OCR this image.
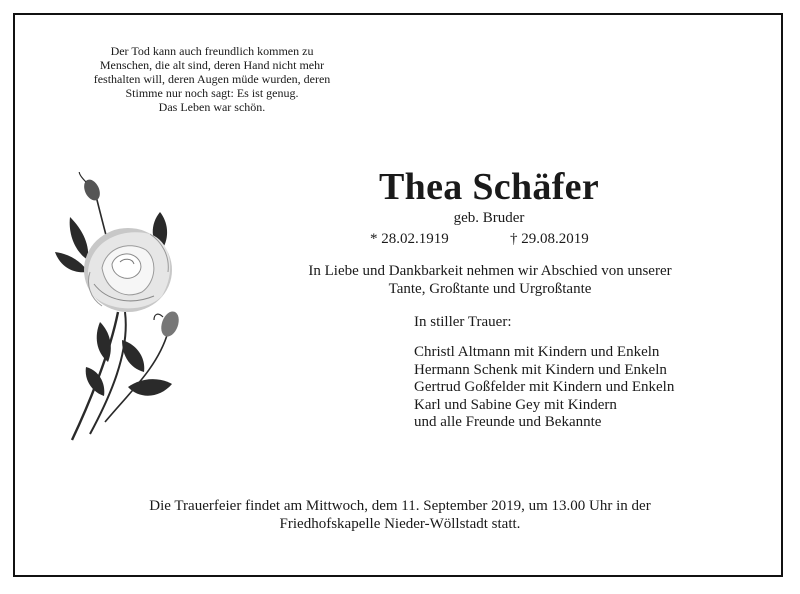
Der Tod kann auch freundlich kommen zu
Menschen, die alt sind, deren Hand nicht mehr
festhalten will, deren Augen müde wurden, deren
Stimme nur noch sagt: Es ist genug.
Das Leben war schön.
Thea Schäfer
geb. Bruder
* 28.02.1919	† 29.08.2019
In Liebe und Dankbarkeit nehmen wir Abschied von unserer
Tante, Großtante und Urgroßtante
In stiller Trauer:
Christl Altmann mit Kindern und Enkeln
Hermann Schenk mit Kindern und Enkeln
Gertrud Goßfelder mit Kindern und Enkeln
Karl und Sabine Gey mit Kindern
und alle Freunde und Bekannte
Die Trauerfeier findet am Mittwoch, dem 11. September 2019, um 13.00 Uhr in der
Friedhofskapelle Nieder-Wöllstadt statt.
